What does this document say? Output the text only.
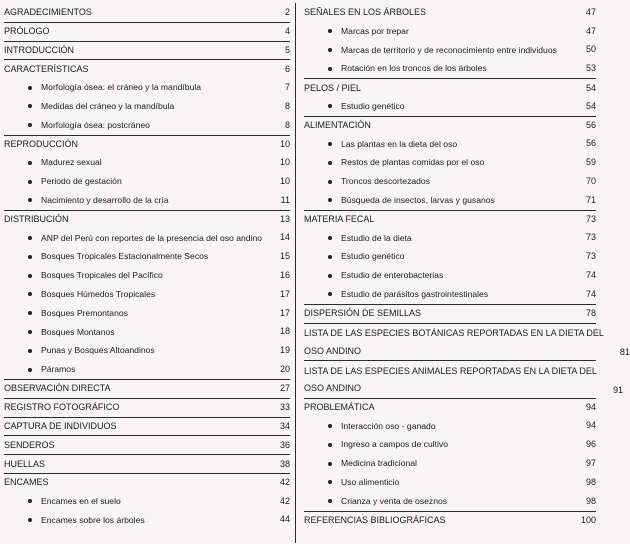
AGRADECIMIENTOS	2
PRÓLOGO	4
INTRODUCCIÓN	5
CARACTERÍSTICAS	6
Morfología ósea: el cráneo y la mandíbula	7
Medidas del cráneo y la mandíbula	8
Morfología ósea: postcráneo	8
REPRODUCCIÓN	10
Madurez sexual	10
Periodo de gestación	10
Nacimiento y desarrollo de la cría	11
DISTRIBUCIÓN	13
ANP del Perú con reportes de la presencia del oso andino	14
Bosques Tropicales Estacionalmente Secos	15
Bosques Tropicales del Pacífico	16
Bosques Húmedos Tropicales	17
Bosques Premontanos	17
Bosques Montanos	18
Punas y Bosques Altoandinos	19
Páramos	20
OBSERVACIÓN DIRECTA	27
REGISTRO FOTOGRÁFICO	33
CAPTURA DE INDIVIDUOS	34
SENDEROS	36
HUELLAS	38
ENCAMES	42
Encames en el suelo	42
Encames sobre los árboles	44
SEÑALES EN LOS ÁRBOLES	47
Marcas por trepar	47
Marcas de territorio y de reconocimiento entre individuos	50
Rotación en los troncos de los árboles	53
PELOS / PIEL	54
Estudio genético	54
ALIMENTACIÓN	56
Las plantas en la dieta del oso	56
Restos de plantas comidas por el oso	59
Troncos descortezados	70
Búsqueda de insectos, larvas y gusanos	71
MATERIA FECAL	73
Estudio de la dieta	73
Estudio genético	73
Estudio de enterobacterias	74
Estudio de parásitos gastrointestinales	74
DISPERSIÓN DE SEMILLAS	78
LISTA DE LAS ESPECIES BOTÁNICAS REPORTADAS EN LA DIETA DEL
OSO ANDINO	81
LISTA DE LAS ESPECIES ANIMALES REPORTADAS EN LA DIETA DEL
OSO ANDINO	91
PROBLEMÁTICA	94
Interacción oso - ganado	94
Ingreso a campos de cultivo	96
Medicina tradicional	97
Uso alimenticio	98
Crianza y venta de oseznos	98
REFERENCIAS BIBLIOGRÁFICAS	100
